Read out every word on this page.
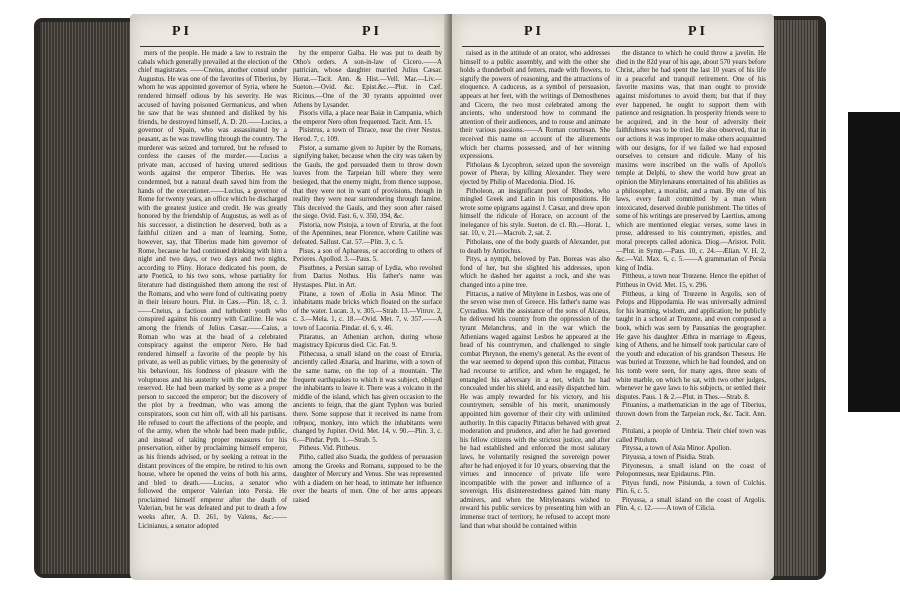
PI	PI

mers of the people. He made a law to restrain the cabals which generally prevailed at the election of the chief magistrates. ——Cneius, another consul under Augustus. He was one of the favorites of Tiberius, by whom he was appointed governor of Syria, where he rendered himself odious by his severity. He was accused of having poisoned Germanicus, and when he saw that he was shunned and disliked by his friends, he destroyed himself, A. D. 20.——Lucius, a governor of Spain, who was assassinated by a peasant, as he was travelling through the country. The murderer was seized and tortured, but he refused to confess the causes of the murder.——Lucius a private man, accused of having uttered seditious words against the emperor Tiberius. He was condemned, but a natural death saved him from the hands of the executioner.——Lucius, a governor of Rome for twenty years, an office which he discharged with the greatest justice and credit. He was greatly honored by the friendship of Augustus, as well as of his successor, a distinction he deserved, both as a faithful citizen and a man of learning. Some, however, say, that Tiberius made him governor of Rome, because he had continued drinking with him a night and two days, or two days and two nights, according to Pliny. Horace dedicated his poem, de arte Poeticâ, to his two sons, whose partiality for literature had distinguished them among the rest of the Romans, and who were fond of cultivating poetry in their leisure hours. Plut. in Cæs.—Plin. 18, c. 3.——Cneius, a factious and turbulent youth who conspired against his country with Catiline. He was among the friends of Julius Cæsar.——Caius, a Roman who was at the head of a celebrated conspiracy against the emperor Nero. He had rendered himself a favorite of the people by his private, as well as public virtues, by the generosity of his behaviour, his fondness of pleasure with the voluptuous and his austerity with the grave and the reserved. He had been marked by some as a proper person to succeed the emperor; but the discovery of the plot by a freedman, who was among the conspirators, soon cut him off, with all his partisans. He refused to court the affections of the people, and of the army, when the whole had been made public, and instead of taking proper measures for his preservation, either by proclaiming himself emperor, as his friends advised, or by seeking a retreat in the distant provinces of the empire, he retired to his own house, where he opened the veins of both his arms, and bled to death.——Lucius, a senator who followed the emperor Valerian into Persia. He proclaimed himself emperor after the death of Valerian, but he was defeated and put to death a few weeks after, A. D. 261, by Valens, &c.——Licinianus, a senator adopted

by the emperor Galba. He was put to death by Otho's orders. A son-in-law of Cicero.——A patrician, whose daughter married Julius Cæsar. Horat.—Tacit. Ann. & Hist.—Vell. Mar.—Liv.—Sueton.—Ovid. &c. Epist.&c.—Plut. in Cæf. Ricinus.—One of the 30 tyrants appointed over Athens by Lysander.

Pisoris villa, a place near Baiæ in Campania, which the emperor Nero often frequented. Tacit. Ann. 15.

Pisistrus, a town of Thrace, near the river Nestus. Herod. 7, c. 109.

Pistor, a surname given to Jupiter by the Romans, signifying baker, because when the city was taken by the Gauls, the god persuaded them to throw down loaves from the Tarpeian hill where they were besieged, that the enemy might, from thence suppose, that they were not in want of provisions, though in reality they were near surrendering through famine. This deceived the Gauls, and they soon after raised the siege. Ovid. Fast. 6, v. 350, 394, &c.

Pistoria, now Pistoja, a town of Etruria, at the foot of the Apennines, near Florence, where Catiline was defeated. Sallust. Cat. 57.—Plin. 3, c. 5.

Pisus, a son of Aphareus, or according to others of Perieres. Apollod. 3.—Paus. 5.

Pisutbnes, a Persian satrap of Lydia, who revolted from Darius Nothus. His father's name was Hystaspes. Plut. in Art.

Pitane, a town of Æolia in Asia Minor. The inhabitants made bricks which floated on the surface of the water. Lucan. 3, v. 305.—Strab. 13.—Vitruv. 2, c. 3.—Mela. 1, c. 18.—Ovid. Met. 7, v. 357.——A town of Laconia. Pindar. el. 6, v. 46.

Pitaratus, an Athenian archon, during whose magistracy Epicurus died. Cic. Fat. 9.

Pithecusa, a small island on the coast of Etruria, anciently called Ænaria, and Inarime, with a town of the same name, on the top of a mountain. The frequent earthquakes to which it was subject, obliged the inhabitants to leave it. There was a volcano in the middle of the island, which has given occasion to the ancients to feign, that the giant Typhon was buried there. Some suppose that it received its name from πιθηκος, monkey, into which the inhabitants were changed by Jupiter. Ovid. Met. 14, v. 90.—Plin. 3, c. 6.—Pindar. Pyth. 1.—Strab. 5.

Pitheus. Vid. Pittheus.

Pitho, called also Suada, the goddess of persuasion among the Greeks and Romans, supposed to be the daughter of Mercury and Venus. She was represented with a diadem on her head, to intimate her influence over the hearts of men. One of her arms appears raised

PI	PI

raised as in the attitude of an orator, who addresses himself to a public assembly, and with the other she holds a thunderbolt and fetters, made with flowers, to signify the powers of reasoning, and the attractions of eloquence. A caduceus, as a symbol of persuasion, appears at her feet, with the writings of Demosthenes and Cicero, the two most celebrated among the ancients, who understood how to command the attention of their audiences, and to rouse and animate their various passions.——A Roman courtesan. She received this name on account of the allurements which her charms possessed, and of her winning expressions.

Pitholaus & Lycophron, seized upon the sovereign power of Pheræ, by killing Alexander. They were ejected by Philip of Macedonia. Diod. 16.

Pitholeon, an insignificant poet of Rhodes, who mingled Greek and Latin in his compositions. He wrote some epigrams against J. Cæsar, and drew upon himself the ridicule of Horace, on account of the inelegance of his style. Sueton. de cl. Rh.—Horat. 1, sat. 10, v. 21.—Macrob. 2, sat. 2.

Pitholaus, one of the body guards of Alexander, put to death by Antiochus.

Pitys, a nymph, beloved by Pan. Boreas was also fond of her, but she slighted his addresses, upon which he dashed her against a rock, and she was changed into a pine tree.

Pittacus, a native of Mitylene in Lesbos, was one of the seven wise men of Greece. His father's name was Cyrradius. With the assistance of the sons of Alcæus, he delivered his country from the oppression of the tyrant Melanchrus, and in the war which the Athenians waged against Lesbos he appeared at the head of his countrymen, and challenged to single combat Phrynon, the enemy's general. As the event of the war seemed to depend upon this combat, Pittacus had recourse to artifice, and when he engaged, he entangled his adversary in a net, which he had concealed under his shield, and easily dispatched him. He was amply rewarded for his victory, and his countrymen, sensible of his merit, unanimously appointed him governor of their city with unlimited authority. In this capacity Pittacus behaved with great moderation and prudence, and after he had governed his fellow citizens with the strictest justice, and after he had established and enforced the most salutary laws, he voluntarily resigned the sovereign power after he had enjoyed it for 10 years, observing that the virtues and innocence of private life were incompatible with the power and influence of a sovereign. His disinterestedness gained him many admirers, and when the Mitylenæans wished to reward his public services by presenting him with an immense tract of territory, he refused to accept more land than what should be contained within

the distance to which he could throw a javelin. He died in the 82d year of his age, about 570 years before Christ, after he had spent the last 10 years of his life in a peaceful and tranquil retirement. One of his favorite maxims was, that man ought to provide against misfortunes to avoid them; but that if they ever happened, he ought to support them with patience and resignation. In prosperity friends were to be acquired, and in the hour of adversity their faithfulness was to be tried. He also observed, that in our actions it was improper to make others acquainted with our designs, for if we failed we had exposed ourselves to censure and ridicule. Many of his maxims were inscribed on the walls of Apollo's temple at Delphi, to shew the world how great an opinion the Mitylenæans entertained of his abilities as a philosopher, a moralist, and a man. By one of his laws, every fault committed by a man when intoxicated, deserved double punishment. The titles of some of his writings are preserved by Laertius, among which are mentioned elegiac verses, some laws in prose, addressed to his countrymen, epistles, and moral precepts called adonica. Diog.—Aristot. Polit.—Plut. in Symp.—Paus. 10, c. 24.—Ælian. V. H. 2, &c.—Val. Max. 6, c. 5.——A grammarian of Persia king of India.

Pittheus, a town near Trœzene. Hence the epithet of Pittheus in Ovid. Met. 15, v. 296.

Pittheus, a king of Trœzene in Argolis, son of Pelops and Hippodamia. He was universally admired for his learning, wisdom, and application; he publicly taught in a school at Trœzene, and even composed a book, which was seen by Pausanias the geographer. He gave his daughter Æthra in marriage to Ægeus, king of Athens, and he himself took particular care of the youth and education of his grandson Theseus. He was buried at Trœzene, which he had founded, and on his tomb were seen, for many ages, three seats of white marble, on which he sat, with two other judges, whenever he gave laws to his subjects, or settled their disputes. Paus. 1 & 2.—Plut. in Thes.—Strab. 8.

Pituanius, a mathematician in the age of Tiberius, thrown down from the Tarpeian rock, &c. Tacit. Ann. 2.

Pitulani, a people of Umbria. Their chief town was called Pitulum.

Pityssa, a town of Asia Minor. Apollon.

Pityussa, a town of Pisidia. Strab.

Pityonesus, a small island on the coast of Peloponnesus, near Epidaurus. Plin.

Pityus fundi, now Pitsiunda, a town of Colchis. Plin. 6, c. 5.

Pityussa, a small island on the coast of Argolis. Plin. 4, c. 12.——A town of Cilicia.
